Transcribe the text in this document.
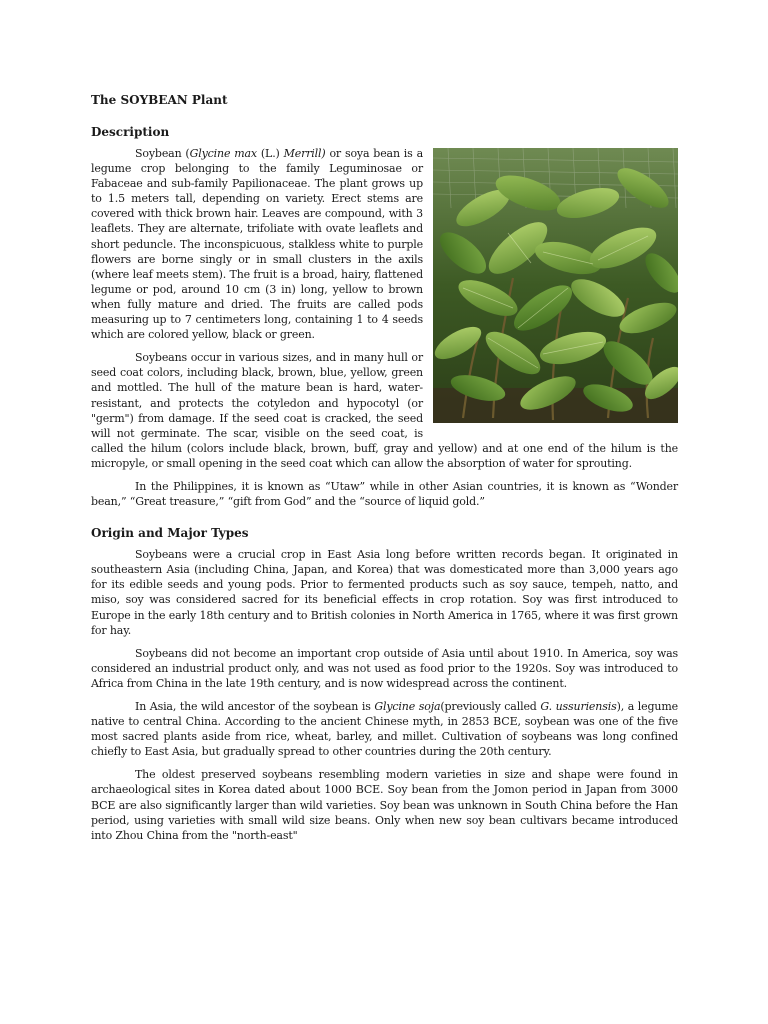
The SOYBEAN Plant
Description

Soybean (Glycine max (L.) Merrill) or soya bean is a legume crop belonging to the family Leguminosae or Fabaceae and sub-family Papilionaceae. The plant grows up to 1.5 meters tall, depending on variety. Erect stems are covered with thick brown hair. Leaves are compound, with 3 leaflets. They are alternate, trifoliate with ovate leaflets and short peduncle. The inconspicuous, stalkless white to purple flowers are borne singly or in small clusters in the axils (where leaf meets stem). The fruit is a broad, hairy, flattened legume or pod, around 10 cm (3 in) long, yellow to brown when fully mature and dried. The fruits are called pods measuring up to 7 centimeters long, containing 1 to 4 seeds which are colored yellow, black or green.

Soybeans occur in various sizes, and in many hull or seed coat colors, including black, brown, blue, yellow, green and mottled. The hull of the mature bean is hard, water-resistant, and protects the cotyledon and hypocotyl (or "germ") from damage. If the seed coat is cracked, the seed will not germinate. The scar, visible on the seed coat, is called the hilum (colors include black, brown, buff, gray and yellow) and at one end of the hilum is the micropyle, or small opening in the seed coat which can allow the absorption of water for sprouting.

In the Philippines, it is known as “Utaw” while in other Asian countries, it is known as “Wonder bean,” “Great treasure,” “gift from God” and the “source of liquid gold.”

Origin and Major Types

Soybeans were a crucial crop in East Asia long before written records began. It originated in southeastern Asia (including China, Japan, and Korea) that was domesticated more than 3,000 years ago for its edible seeds and young pods. Prior to fermented products such as soy sauce, tempeh, natto, and miso, soy was considered sacred for its beneficial effects in crop rotation. Soy was first introduced to Europe in the early 18th century and to British colonies in North America in 1765, where it was first grown for hay.

Soybeans did not become an important crop outside of Asia until about 1910. In America, soy was considered an industrial product only, and was not used as food prior to the 1920s. Soy was introduced to Africa from China in the late 19th century, and is now widespread across the continent.

In Asia, the wild ancestor of the soybean is Glycine soja(previously called G. ussuriensis), a legume native to central China. According to the ancient Chinese myth, in 2853 BCE, soybean was one of the five most sacred plants aside from rice, wheat, barley, and millet. Cultivation of soybeans was long confined chiefly to East Asia, but gradually spread to other countries during the 20th century.

The oldest preserved soybeans resembling modern varieties in size and shape were found in archaeological sites in Korea dated about 1000 BCE. Soy bean from the Jomon period in Japan from 3000 BCE are also significantly larger than wild varieties. Soy bean was unknown in South China before the Han period, using varieties with small wild size beans. Only when new soy bean cultivars became introduced into Zhou China from the "north-east"
